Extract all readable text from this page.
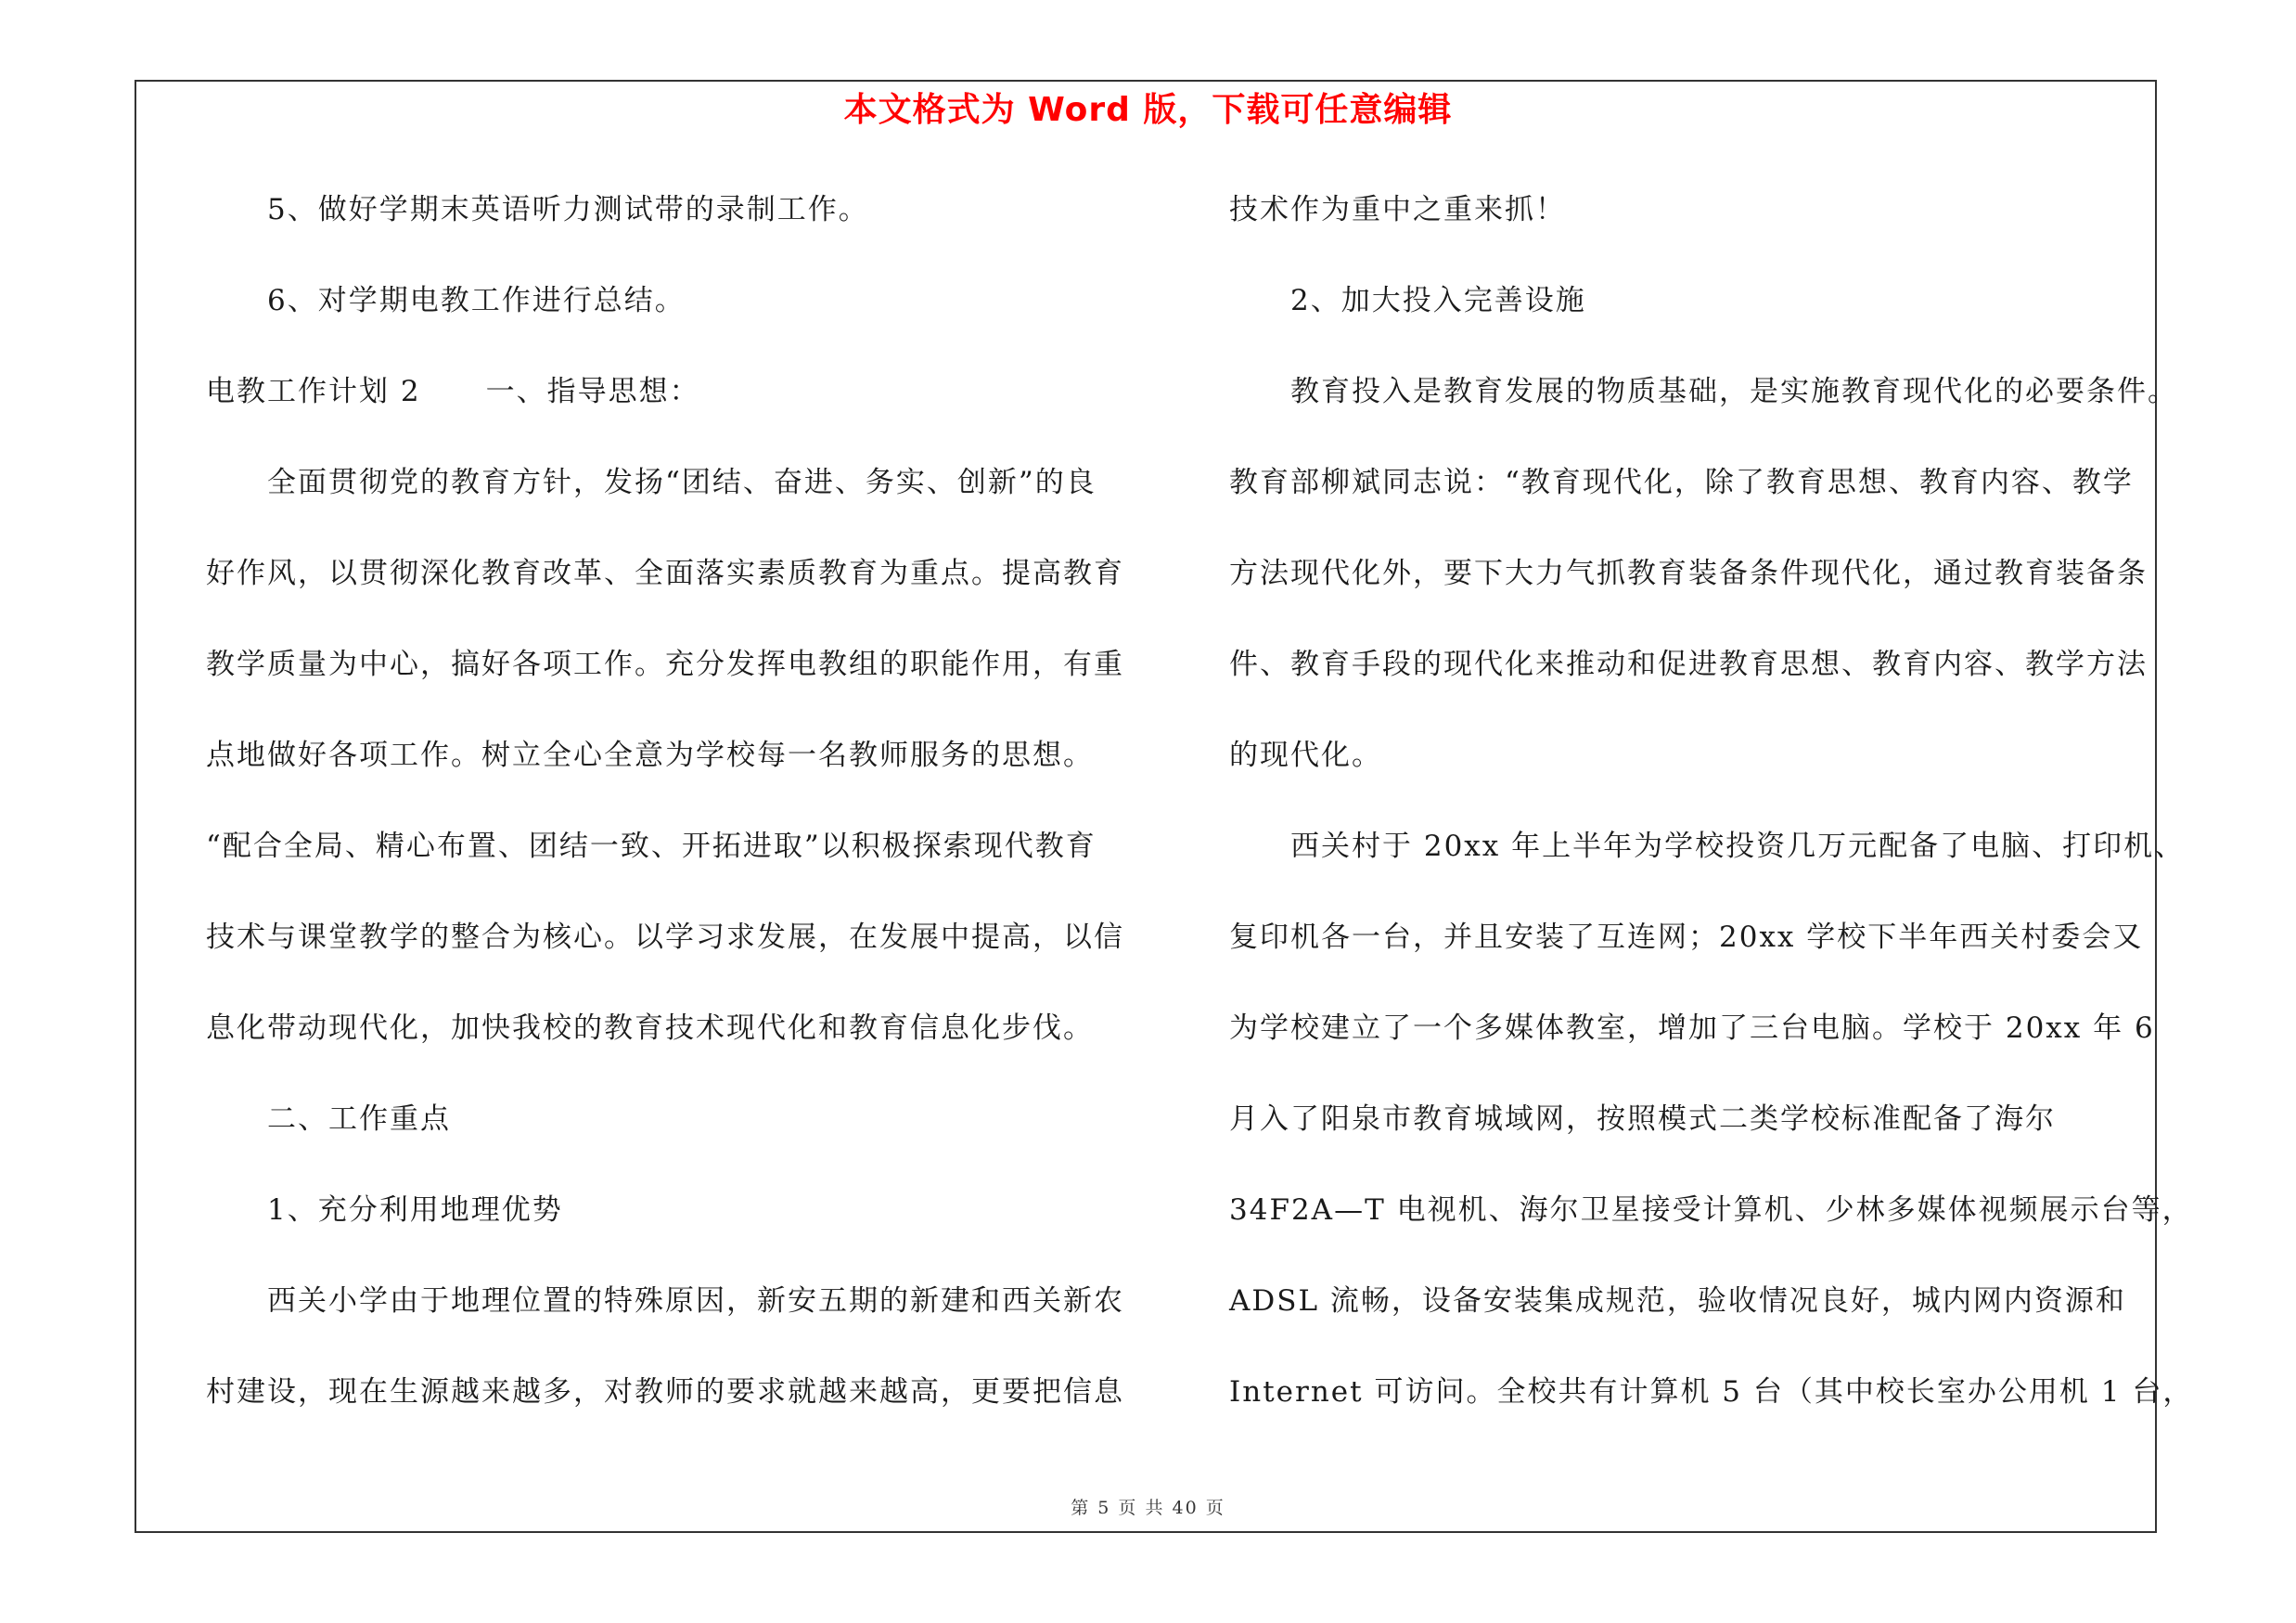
本文格式为 Word 版，下载可任意编辑
5、做好学期末英语听力测试带的录制工作。
6、对学期电教工作进行总结。
电教工作计划 2 一、指导思想：
全面贯彻党的教育方针，发扬“团结、奋进、务实、创新”的良
好作风，以贯彻深化教育改革、全面落实素质教育为重点。提高教育
教学质量为中心，搞好各项工作。充分发挥电教组的职能作用，有重
点地做好各项工作。树立全心全意为学校每一名教师服务的思想。
“配合全局、精心布置、团结一致、开拓进取”以积极探索现代教育
技术与课堂教学的整合为核心。以学习求发展，在发展中提高，以信
息化带动现代化，加快我校的教育技术现代化和教育信息化步伐。
二、工作重点
1、充分利用地理优势
西关小学由于地理位置的特殊原因，新安五期的新建和西关新农
村建设，现在生源越来越多，对教师的要求就越来越高，更要把信息
技术作为重中之重来抓！
2、加大投入完善设施
教育投入是教育发展的物质基础，是实施教育现代化的必要条件。
教育部柳斌同志说：“教育现代化，除了教育思想、教育内容、教学
方法现代化外，要下大力气抓教育装备条件现代化，通过教育装备条
件、教育手段的现代化来推动和促进教育思想、教育内容、教学方法
的现代化。
西关村于 20xx 年上半年为学校投资几万元配备了电脑、打印机、
复印机各一台，并且安装了互连网；20xx 学校下半年西关村委会又
为学校建立了一个多媒体教室，增加了三台电脑。学校于 20xx 年 6
月入了阳泉市教育城域网，按照模式二类学校标准配备了海尔
34F2A—T 电视机、海尔卫星接受计算机、少林多媒体视频展示台等，
ADSL 流畅，设备安装集成规范，验收情况良好，城内网内资源和
Internet 可访问。全校共有计算机 5 台（其中校长室办公用机 1 台，
第 5 页 共 40 页
